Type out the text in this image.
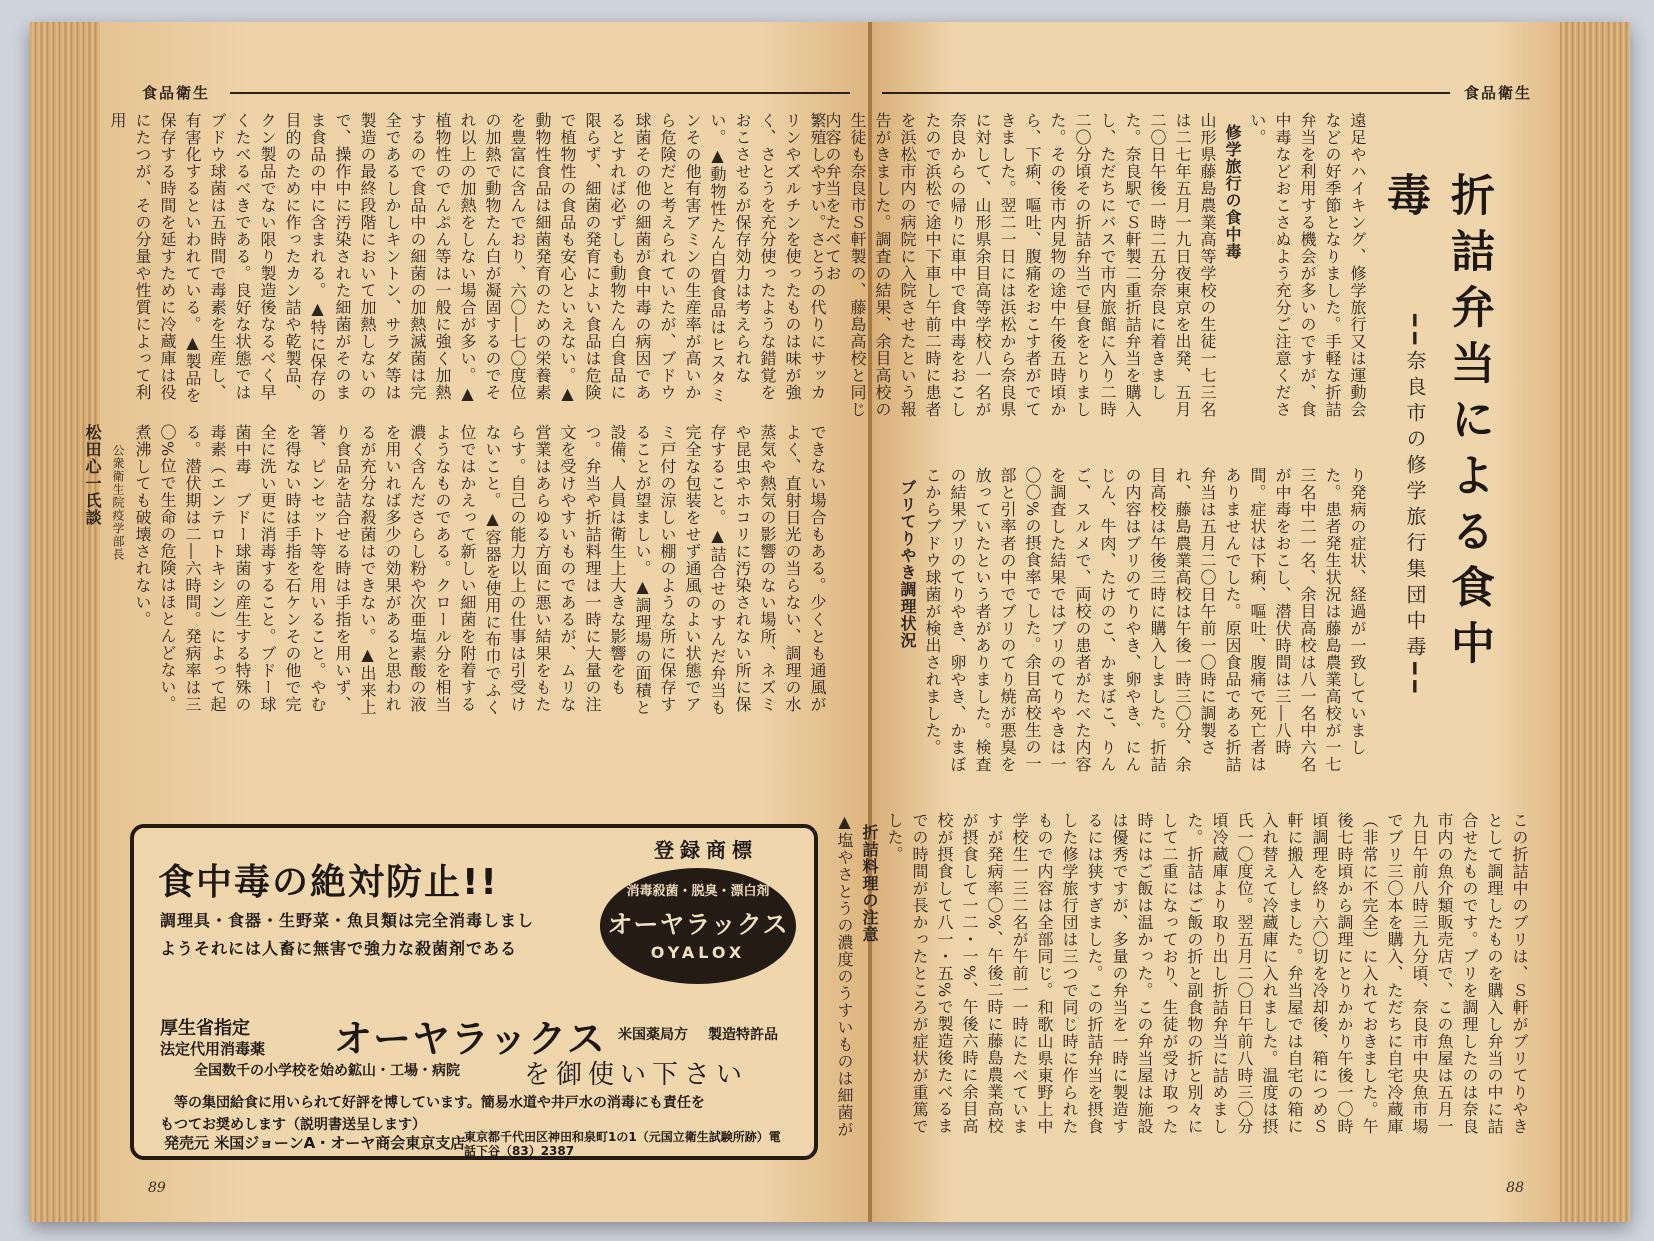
食品衛生

繁殖しやすい。さとうの代りにサッカリンやズルチンを使ったものは味が強く、さとうを充分使ったような錯覚をおこさせるが保存効力は考えられない。▲動物性たん白質食品はヒスタミンその他有害アミンの生産率が高いから危険だと考えられていたが、ブドウ球菌その他の細菌が食中毒の病因であるとすれば必ずしも動物たん白食品に限らず、細菌の発育によい食品は危険で植物性の食品も安心といえない。▲動物性食品は細菌発育のための栄養素を豊富に含んでおり、六〇―七〇度位の加熱で動物たん白が凝固するのでそれ以上の加熱をしない場合が多い。▲植物性のでんぷん等は一般に強く加熱するので食品中の細菌の加熱滅菌は完全であるしかしキントン、サラダ等は製造の最終段階において加熱しないので、操作中に汚染された細菌がそのまま食品の中に含まれる。▲特に保存の目的のために作ったカン詰や乾製品、クン製品でない限り製造後なるべく早くたべるべきである。良好な状態ではブドウ球菌は五時間で毒素を生産し、有害化するといわれている。▲製品を保存する時間を延すために冷蔵庫は役にたつが、その分量や性質によって利用

できない場合もある。少くとも通風がよく、直射日光の当らない、調理の水蒸気や熱気の影響のない場所、ネズミや昆虫やホコリに汚染されない所に保存すること。▲詰合せのすんだ弁当も完全な包装をせず通風のよい状態でアミ戸付の涼しい棚のような所に保存することが望ましい。▲調理場の面積と設備、人員は衛生上大きな影響をもつ。弁当や折詰料理は一時に大量の注文を受けやすいものであるが、ムリな営業はあらゆる方面に悪い結果をもたらす。自己の能力以上の仕事は引受けないこと。▲容器を使用に布巾でふく位ではかえって新しい細菌を附着するようなものである。クロール分を相当濃く含んださらし粉や次亜塩素酸の液を用いれば多少の効果があると思われるが充分な殺菌はできない。▲出来上り食品を詰合せる時は手指を用いず、箸、ピンセット等を用いること。やむを得ない時は手指を石ケンその他で完全に洗い更に消毒すること。ブドー球菌中毒　ブドー球菌の産生する特殊の毒素（エンテロトキシン）によって起る。潜伏期は二―六時間。発病率は三〇%位で生命の危険はほとんどない。煮沸しても破壊されない。

公衆衛生院疫学部長

松田心一氏談

89
登録商標
食中毒の絶対防止!!
調理具・食器・生野菜・魚貝類は完全消毒しまし
ようそれには人畜に無害で強力な殺菌剤である
消毒殺菌・脱臭・漂白剤
オーヤラックス
OYALOX
厚生省指定
法定代用消毒薬 オーヤラックス 米国薬局方 製造特許品
全国数千の小学校を始め鉱山・工場・病院 を御使い下さい
等の集団給食に用いられて好評を博しています。簡易水道や井戸水の消毒にも責任を
もつてお奨めします（説明書送呈します）
発売元 米国ジョーンA・オーヤ商会東京支店
東京都千代田区神田和泉町1の1（元国立衛生試験所跡）電話下谷（83）2387
食品衛生
折詰弁当による食中毒
━━奈良市の修学旅行集団中毒━━

遠足やハイキング、修学旅行又は運動会などの好季節となりました。手軽な折詰弁当を利用する機会が多いのですが、食中毒などおこさぬよう充分ご注意ください。

修学旅行の食中毒

山形県藤島農業高等学校の生徒一七三名は二七年五月一九日夜東京を出発、五月二〇日午後一時二五分奈良に着きました。奈良駅でＳ軒製二重折詰弁当を購入し、ただちにバスで市内旅館に入り二時二〇分頃その折詰弁当で昼食をとりました。その後市内見物の途中午後五時頃から、下痢、嘔吐、腹痛をおこす者がでてきました。翌二一日には浜松から奈良県に対して、山形県余目高等学校八一名が奈良からの帰りに車中で食中毒をおこしたので浜松で途中下車し午前二時に患者を浜松市内の病院に入院させたという報告がきました。調査の結果、余目高校の生徒も奈良市Ｓ軒製の、藤島高校と同じ内容の弁当をたべてお

り発病の症状、経過が一致していました。患者発生状況は藤島農業高校が一七三名中二一名、余目高校は八一名中六名が中毒をおこし、潜伏時間は三―八時間。症状は下痢、嘔吐、腹痛で死亡者はありませんでした。原因食品である折詰弁当は五月二〇日午前一〇時に調製され、藤島農業高校は午後一時三〇分、余目高校は午後三時に購入しました。折詰の内容はブリのてりやき、卵やき、にんじん、牛肉、たけのこ、かまぼこ、りんご、スルメで、両校の患者がたべた内容を調査した結果ではブリのてりやきは一〇〇%の摂食率でした。余目高校生の一部と引率者の中でブリのてり焼が悪臭を放っていたという者がありました。検査の結果ブリのてりやき、卵やき、かまぼこからブドウ球菌が検出されました。

ブリてりやき調理状況

この折詰中のブリは、Ｓ軒がブリてりやきとして調理したものを購入し弁当の中に詰合せたものです。ブリを調理したのは奈良市内の魚介類販売店で、この魚屋は五月一九日午前八時三九分頃、奈良市中央魚市場でブリ三〇本を購入、ただちに自宅冷蔵庫（非常に不完全）に入れておきました。午後七時頃から調理にとりかかり午後一〇時頃調理を終り六〇切を冷却後、箱につめＳ軒に搬入しました。弁当屋では自宅の箱に入れ替えて冷蔵庫に入れました。温度は摂氏一〇度位。翌五月二〇日午前八時三〇分頃冷蔵庫より取り出し折詰弁当に詰めました。折詰はご飯の折と副食物の折と別々にして二重になっており、生徒が受け取った時にはご飯は温かった。この弁当屋は施設は優秀ですが、多量の弁当を一時に製造するには狭すぎました。この折詰弁当を摂食した修学旅行団は三つで同じ時に作られたもので内容は全部同じ。和歌山県東野上中学校生一三二名が午前一一時にたべていますが発病率〇%、午後二時に藤島農業高校が摂食して一二・一%、午後六時に余目高校が摂食して八一・五%で製造後たべるまでの時間が長かったところが症状が重篤でした。

折詰料理の注意

▲塩やさとうの濃度のうすいものは細菌が

88
